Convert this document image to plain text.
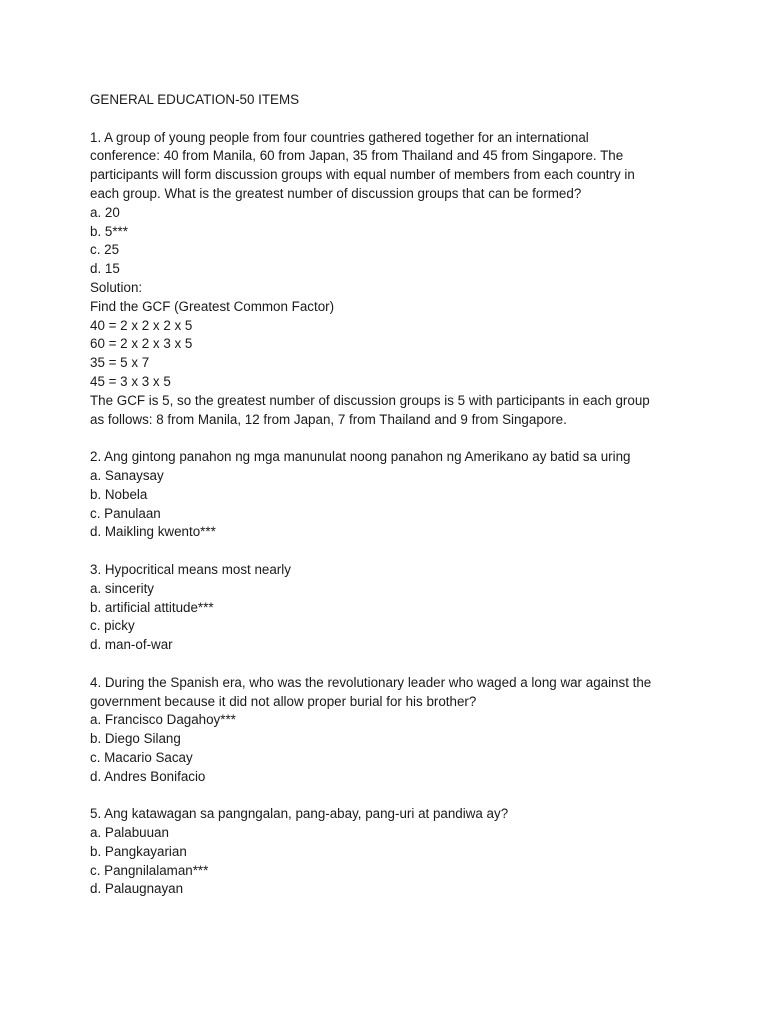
GENERAL EDUCATION-50 ITEMS
1. A group of young people from four countries gathered together for an international
conference: 40 from Manila, 60 from Japan, 35 from Thailand and 45 from Singapore. The
participants will form discussion groups with equal number of members from each country in
each group. What is the greatest number of discussion groups that can be formed?
a. 20
b. 5***
c. 25
d. 15
Solution:
Find the GCF (Greatest Common Factor)
40 = 2 x 2 x 2 x 5
60 = 2 x 2 x 3 x 5
35 = 5 x 7
45 = 3 x 3 x 5
The GCF is 5, so the greatest number of discussion groups is 5 with participants in each group
as follows: 8 from Manila, 12 from Japan, 7 from Thailand and 9 from Singapore.
2. Ang gintong panahon ng mga manunulat noong panahon ng Amerikano ay batid sa uring
a. Sanaysay
b. Nobela
c. Panulaan
d. Maikling kwento***
3. Hypocritical means most nearly
a. sincerity
b. artificial attitude***
c. picky
d. man-of-war
4. During the Spanish era, who was the revolutionary leader who waged a long war against the
government because it did not allow proper burial for his brother?
a. Francisco Dagahoy***
b. Diego Silang
c. Macario Sacay
d. Andres Bonifacio
5. Ang katawagan sa pangngalan, pang-abay, pang-uri at pandiwa ay?
a. Palabuuan
b. Pangkayarian
c. Pangnilalaman***
d. Palaugnayan
